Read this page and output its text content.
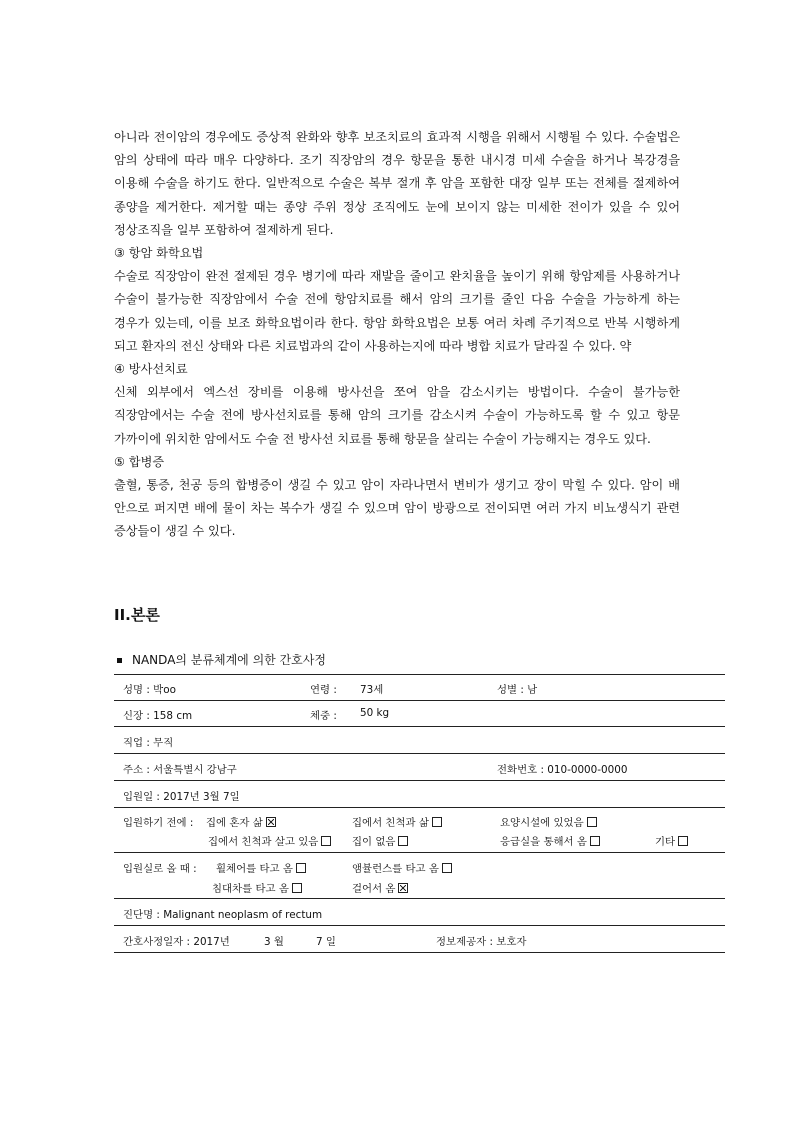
아니라 전이암의 경우에도 증상적 완화와 향후 보조치료의 효과적 시행을 위해서 시행될 수 있다. 수술법은 암의 상태에 따라 매우 다양하다. 조기 직장암의 경우 항문을 통한 내시경 미세 수술을 하거나 복강경을 이용해 수술을 하기도 한다. 일반적으로 수술은 복부 절개 후 암을 포함한 대장 일부 또는 전체를 절제하여 종양을 제거한다. 제거할 때는 종양 주위 정상 조직에도 눈에 보이지 않는 미세한 전이가 있을 수 있어 정상조직을 일부 포함하여 절제하게 된다.

③ 항암 화학요법

수술로 직장암이 완전 절제된 경우 병기에 따라 재발을 줄이고 완치율을 높이기 위해 항암제를 사용하거나 수술이 불가능한 직장암에서 수술 전에 항암치료를 해서 암의 크기를 줄인 다음 수술을 가능하게 하는 경우가 있는데, 이를 보조 화학요법이라 한다. 항암 화학요법은 보통 여러 차례 주기적으로 반복 시행하게 되고 환자의 전신 상태와 다른 치료법과의 같이 사용하는지에 따라 병합 치료가 달라질 수 있다. 약

④ 방사선치료

신체 외부에서 엑스선 장비를 이용해 방사선을 쪼여 암을 감소시키는 방법이다. 수술이 불가능한 직장암에서는 수술 전에 방사선치료를 통해 암의 크기를 감소시켜 수술이 가능하도록 할 수 있고 항문 가까이에 위치한 암에서도 수술 전 방사선 치료를 통해 항문을 살리는 수술이 가능해지는 경우도 있다.

⑤ 합병증

출혈, 통증, 천공 등의 합병증이 생길 수 있고 암이 자라나면서 변비가 생기고 장이 막힐 수 있다. 암이 배 안으로 퍼지면 배에 물이 차는 복수가 생길 수 있으며 암이 방광으로 전이되면 여러 가지 비뇨생식기 관련 증상들이 생길 수 있다.

II.본론

NANDA의 분류체계에 의한 간호사정

성명 : 박oo	연령 : 73세	성별 : 남
신장 : 158 cm	체중 : 50 kg
직업 : 무직
주소 : 서울특별시 강남구	전화번호 : 010-0000-0000
입원일 : 2017년 3월 7일
입원하기 전에 : 집에 혼자 삶	집에서 친척과 삶	요양시설에 있었음
집에서 친척과 살고 있음	집이 없음	응급실을 통해서 옴	기타
입원실로 올 때 : 휠체어를 타고 옴	앰뷸런스를 타고 옴
침대차를 타고 옴	걸어서 옴
진단명 : Malignant neoplasm of rectum
간호사정일자 : 2017년	3 월	7 일	정보제공자 : 보호자
